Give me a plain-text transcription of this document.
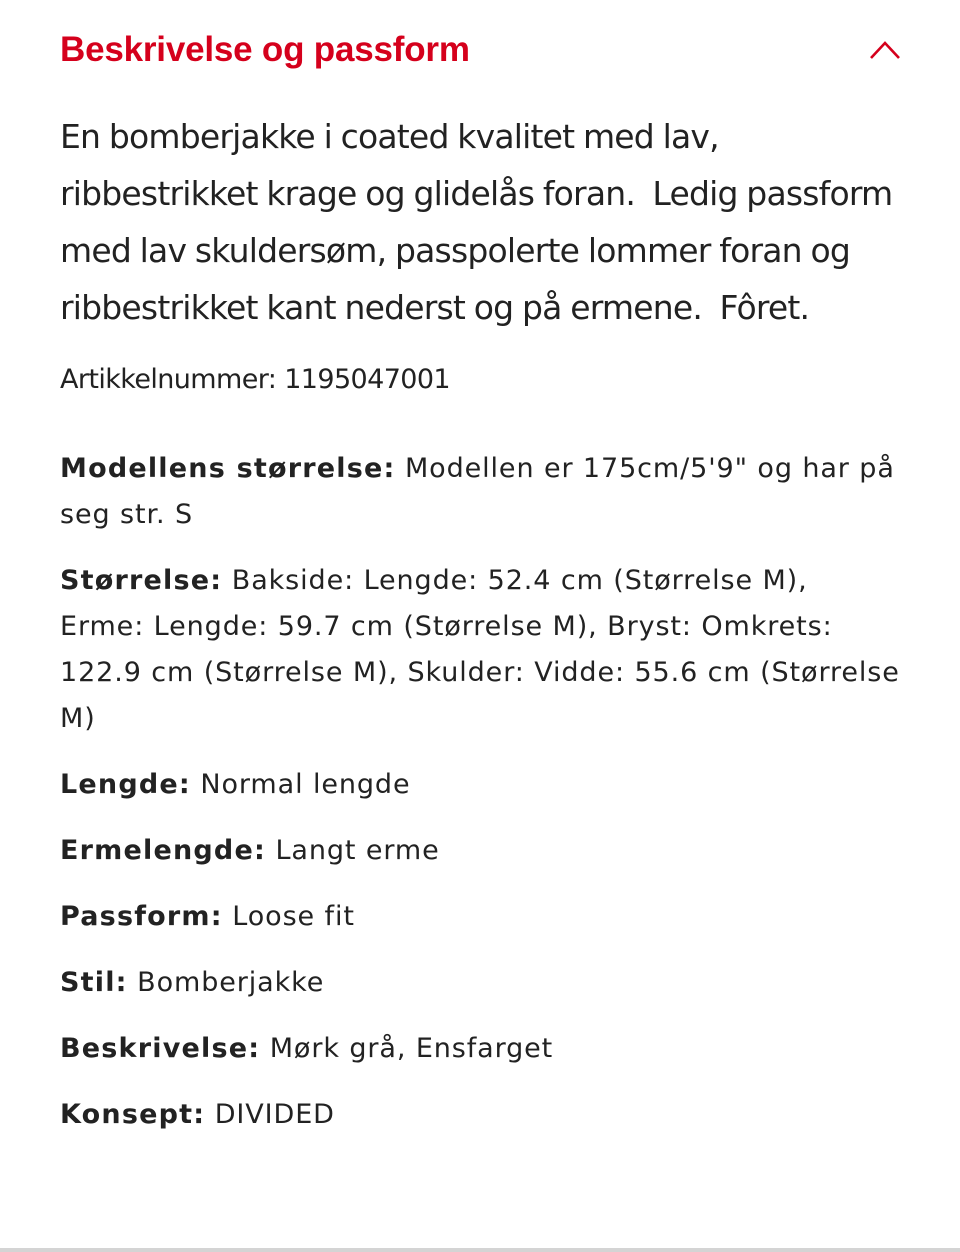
Beskrivelse og passform

En bomberjakke i coated kvalitet med lav, ribbestrikket krage og glidelås foran.  Ledig passform med lav skuldersøm, passpolerte lommer foran og ribbestrikket kant nederst og på ermene.  Fôret.

Artikkelnummer: 1195047001
Modellens størrelse: Modellen er 175cm/5'9" og har på seg str. S
Størrelse: Bakside: Lengde: 52.4 cm (Størrelse M), Erme: Lengde: 59.7 cm (Størrelse M), Bryst: Omkrets: 122.9 cm (Størrelse M), Skulder: Vidde: 55.6 cm (Størrelse M)
Lengde: Normal lengde
Ermelengde: Langt erme
Passform: Loose fit
Stil: Bomberjakke
Beskrivelse: Mørk grå, Ensfarget
Konsept: DIVIDED
